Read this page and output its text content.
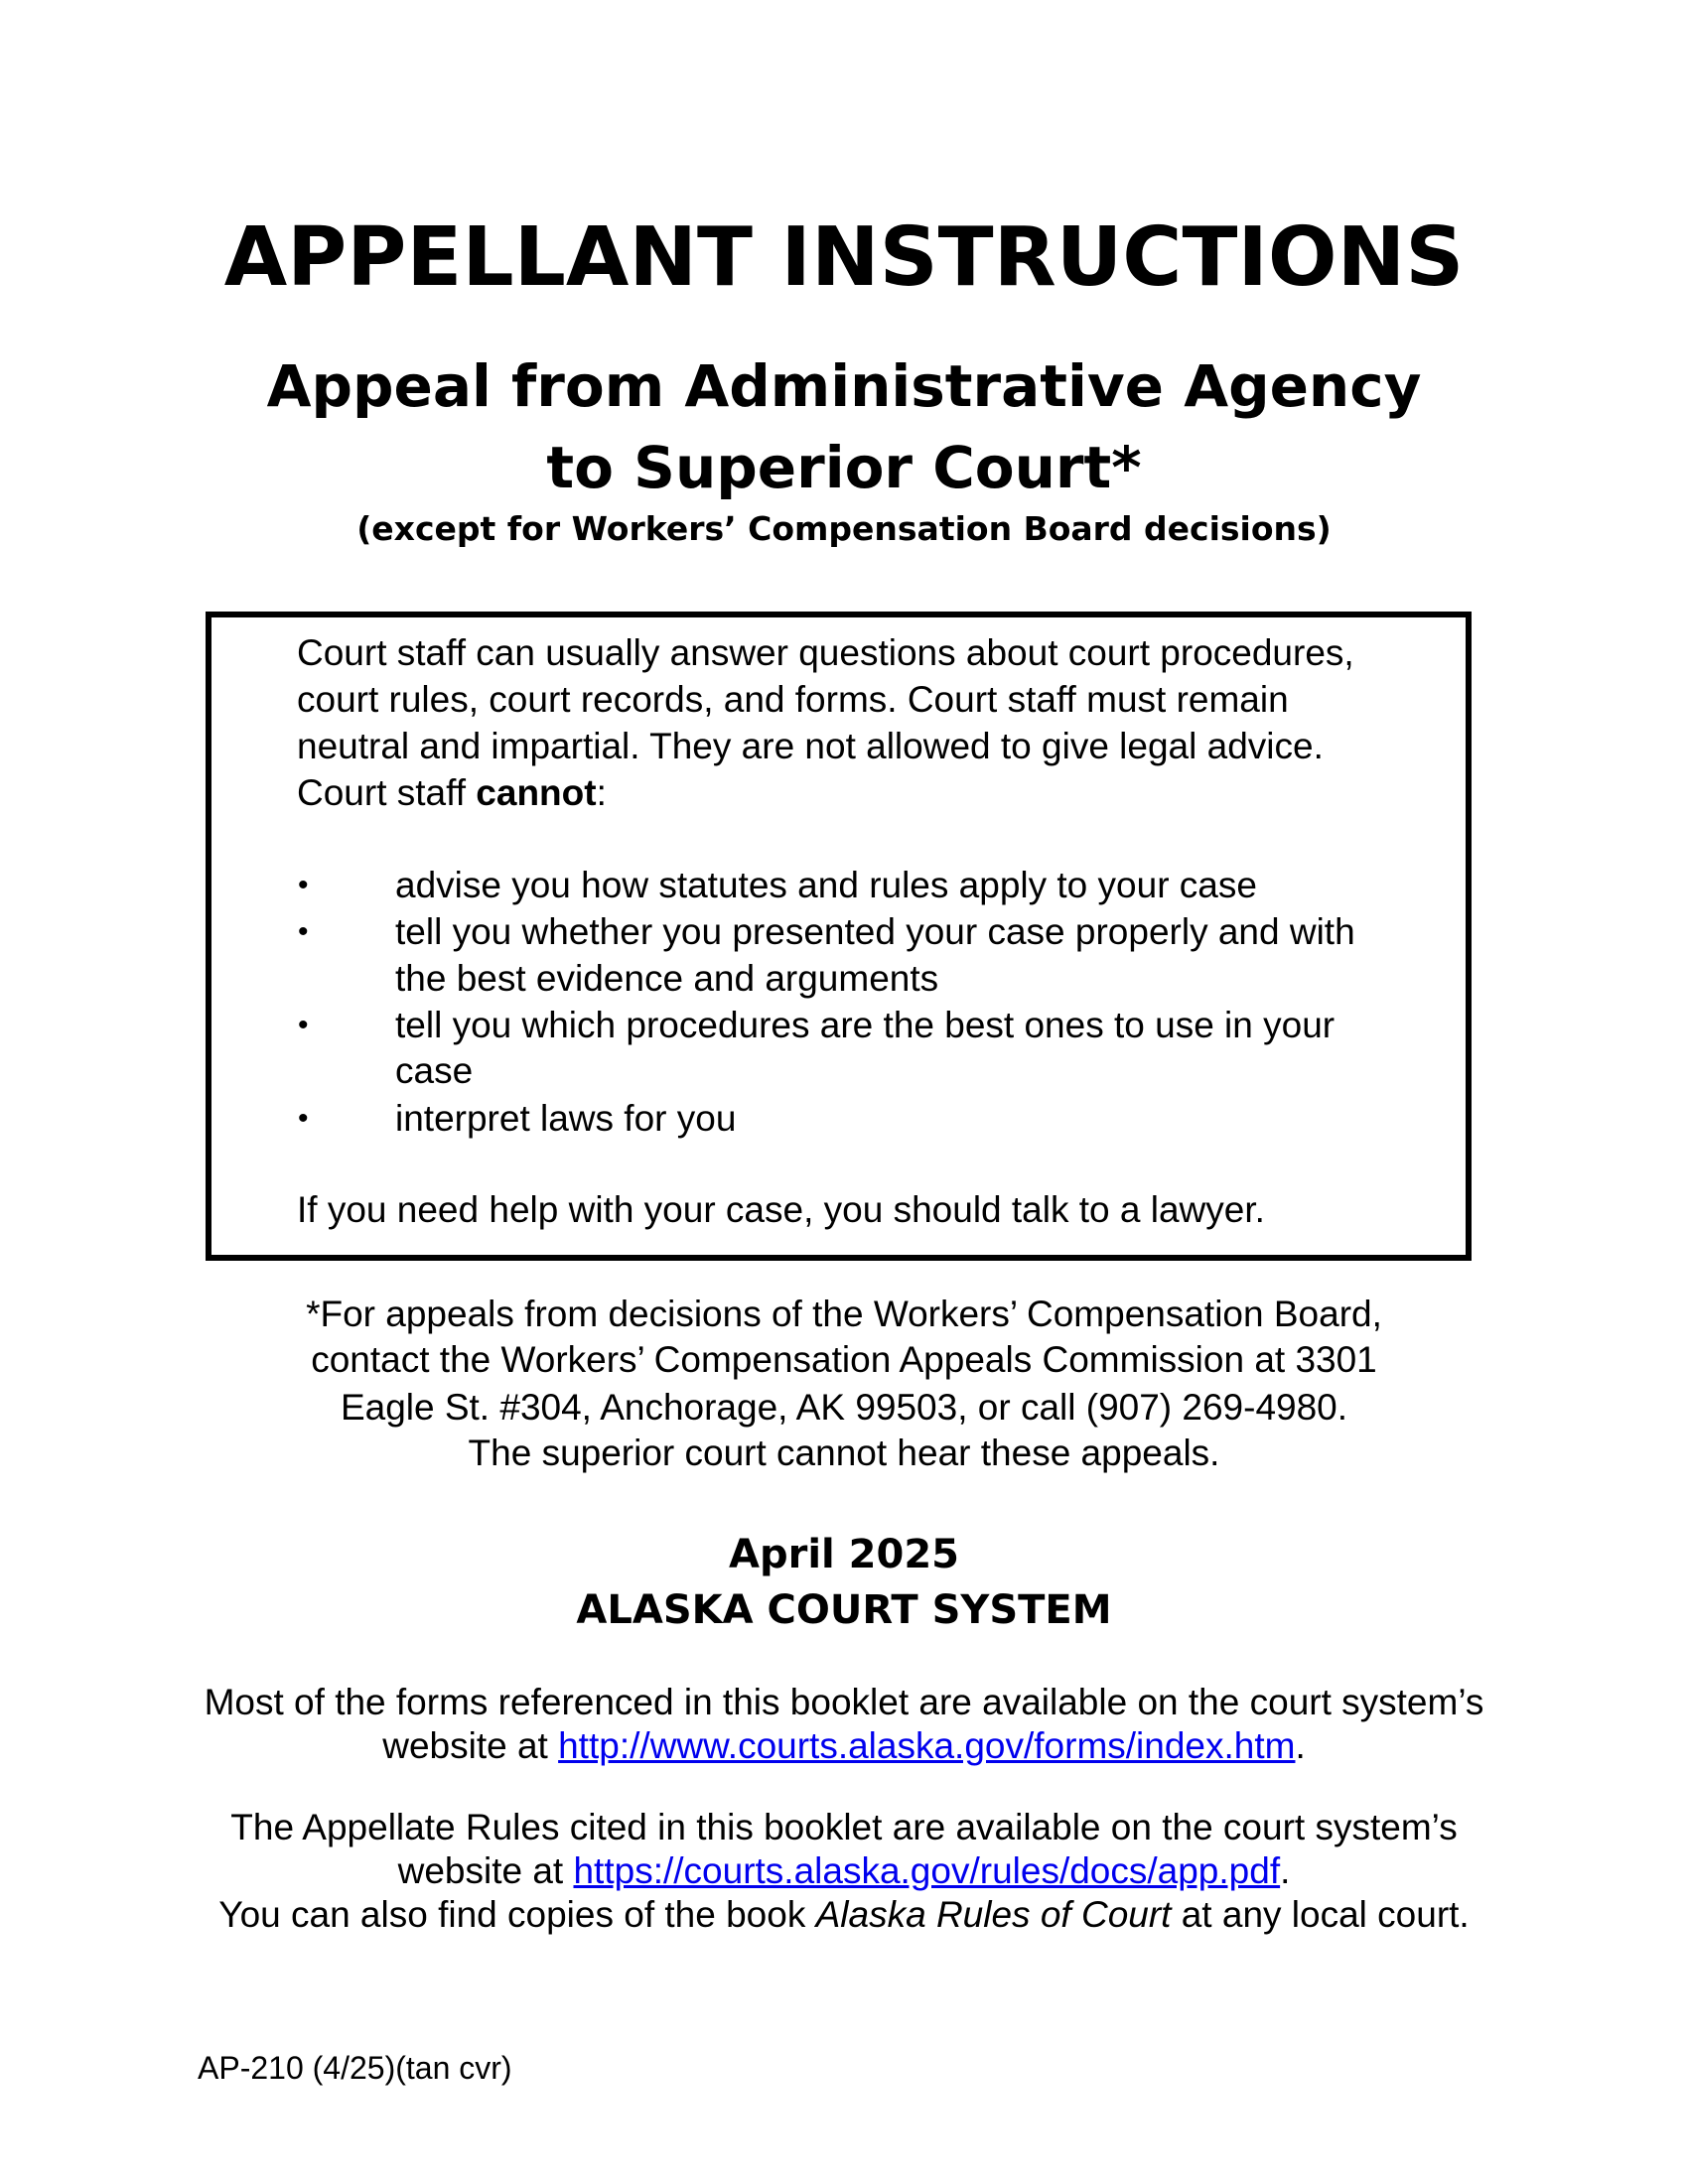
APPELLANT INSTRUCTIONS
Appeal from Administrative Agency
to Superior Court*
(except for Workers’ Compensation Board decisions)
Court staff can usually answer questions about court procedures,
court rules, court records, and forms. Court staff must remain
neutral and impartial. They are not allowed to give legal advice.
Court staff cannot:
• advise you how statutes and rules apply to your case
• tell you whether you presented your case properly and with
the best evidence and arguments
• tell you which procedures are the best ones to use in your
case
• interpret laws for you
If you need help with your case, you should talk to a lawyer.
*For appeals from decisions of the Workers’ Compensation Board,
contact the Workers’ Compensation Appeals Commission at 3301
Eagle St. #304, Anchorage, AK 99503, or call (907) 269-4980.
The superior court cannot hear these appeals.
April 2025
ALASKA COURT SYSTEM
Most of the forms referenced in this booklet are available on the court system’s
website at http://www.courts.alaska.gov/forms/index.htm.
The Appellate Rules cited in this booklet are available on the court system’s
website at https://courts.alaska.gov/rules/docs/app.pdf.
You can also find copies of the book Alaska Rules of Court at any local court.
AP-210 (4/25)(tan cvr)
